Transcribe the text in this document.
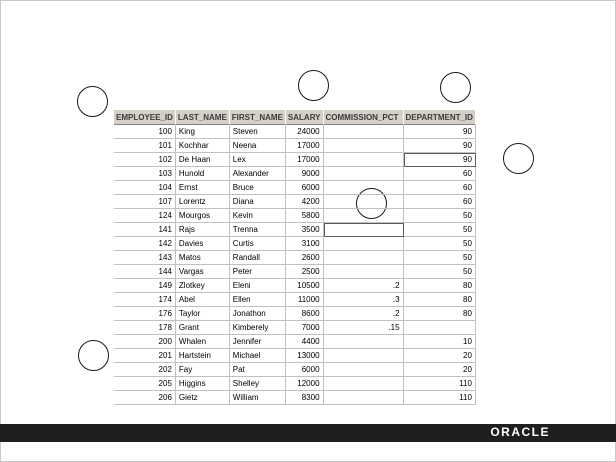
EMPLOYEE_ID	LAST_NAME	FIRST_NAME	SALARY	COMMISSION_PCT	DEPARTMENT_ID
100	King	Steven	24000		90
101	Kochhar	Neena	17000		90
102	De Haan	Lex	17000		90
103	Hunold	Alexander	9000		60
104	Ernst	Bruce	6000		60
107	Lorentz	Diana	4200		60
124	Mourgos	Kevin	5800		50
141	Rajs	Trenna	3500		50
142	Davies	Curtis	3100		50
143	Matos	Randall	2600		50
144	Vargas	Peter	2500		50
149	Zlotkey	Eleni	10500	.2	80
174	Abel	Ellen	11000	.3	80
176	Taylor	Jonathon	8600	.2	80
178	Grant	Kimberely	7000	.15	
200	Whalen	Jennifer	4400		10
201	Hartstein	Michael	13000		20
202	Fay	Pat	6000		20
205	Higgins	Shelley	12000		110
206	Gietz	William	8300		110
ORACLE
